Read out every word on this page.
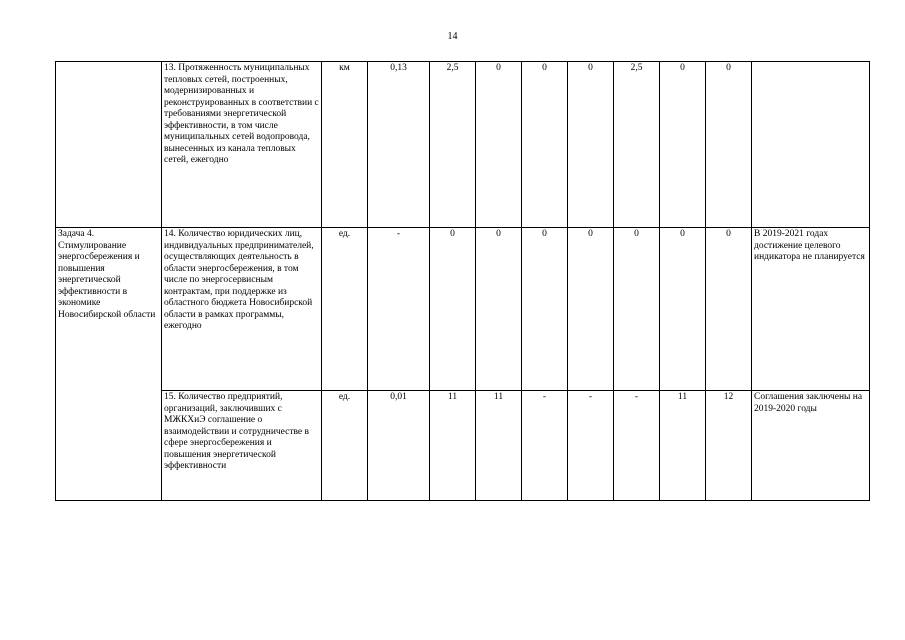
14
	13. Протяженность муниципальных тепловых сетей, построенных, модернизированных и реконструированных в соответствии с требованиями энергетической эффективности, в том числе муниципальных сетей водопровода, вынесенных из канала тепловых сетей, ежегодно	км	0,13	2,5	0	0	0	2,5	0	0	
Задача 4. Стимулирование энергосбережения и повышения энергетической эффективности в экономике Новосибирской области	14. Количество юридических лиц, индивидуальных предпринимателей, осуществляющих деятельность в области энергосбережения, в том числе по энергосервисным контрактам, при поддержке из областного бюджета Новосибирской области в рамках программы, ежегодно	ед.	-	0	0	0	0	0	0	0	В 2019-2021 годах достижение целевого индикатора не планируется
	15. Количество предприятий, организаций, заключивших с МЖКХиЭ соглашение о взаимодействии и сотрудничестве в сфере энергосбережения и повышения энергетической эффективности	ед.	0,01	11	11	-	-	-	11	12	Соглашения заключены на 2019-2020 годы
